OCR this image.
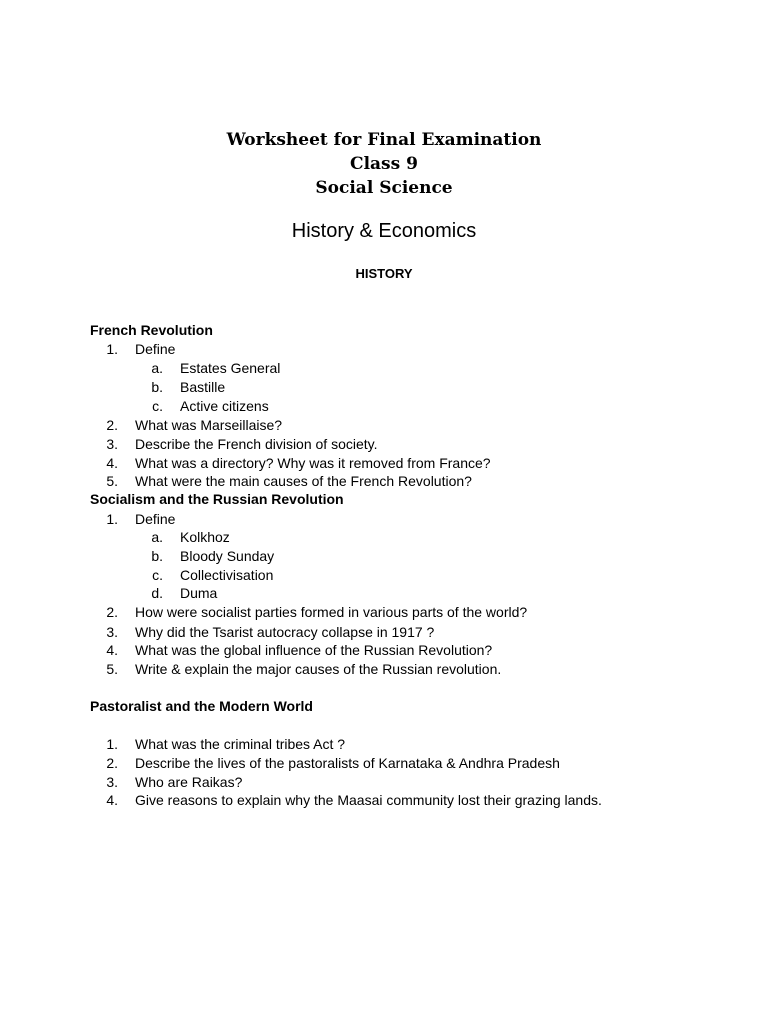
Worksheet for Final Examination
Class 9
Social Science
History & Economics
HISTORY
French Revolution
1. Define
a. Estates General
b. Bastille
c. Active citizens
2. What was Marseillaise?
3. Describe the French division of society.
4. What was a directory? Why was it removed from France?
5. What were the main causes of the French Revolution?
Socialism and the Russian Revolution
1. Define
a. Kolkhoz
b. Bloody Sunday
c. Collectivisation
d. Duma
2. How were socialist parties formed in various parts of the world?
3. Why did the Tsarist autocracy collapse in 1917 ?
4. What was the global influence of the Russian Revolution?
5. Write & explain the major causes of the Russian revolution.
Pastoralist and the Modern World
1. What was the criminal tribes Act ?
2. Describe the lives of the pastoralists of Karnataka & Andhra Pradesh
3. Who are Raikas?
4. Give reasons to explain why the Maasai community lost their grazing lands.
